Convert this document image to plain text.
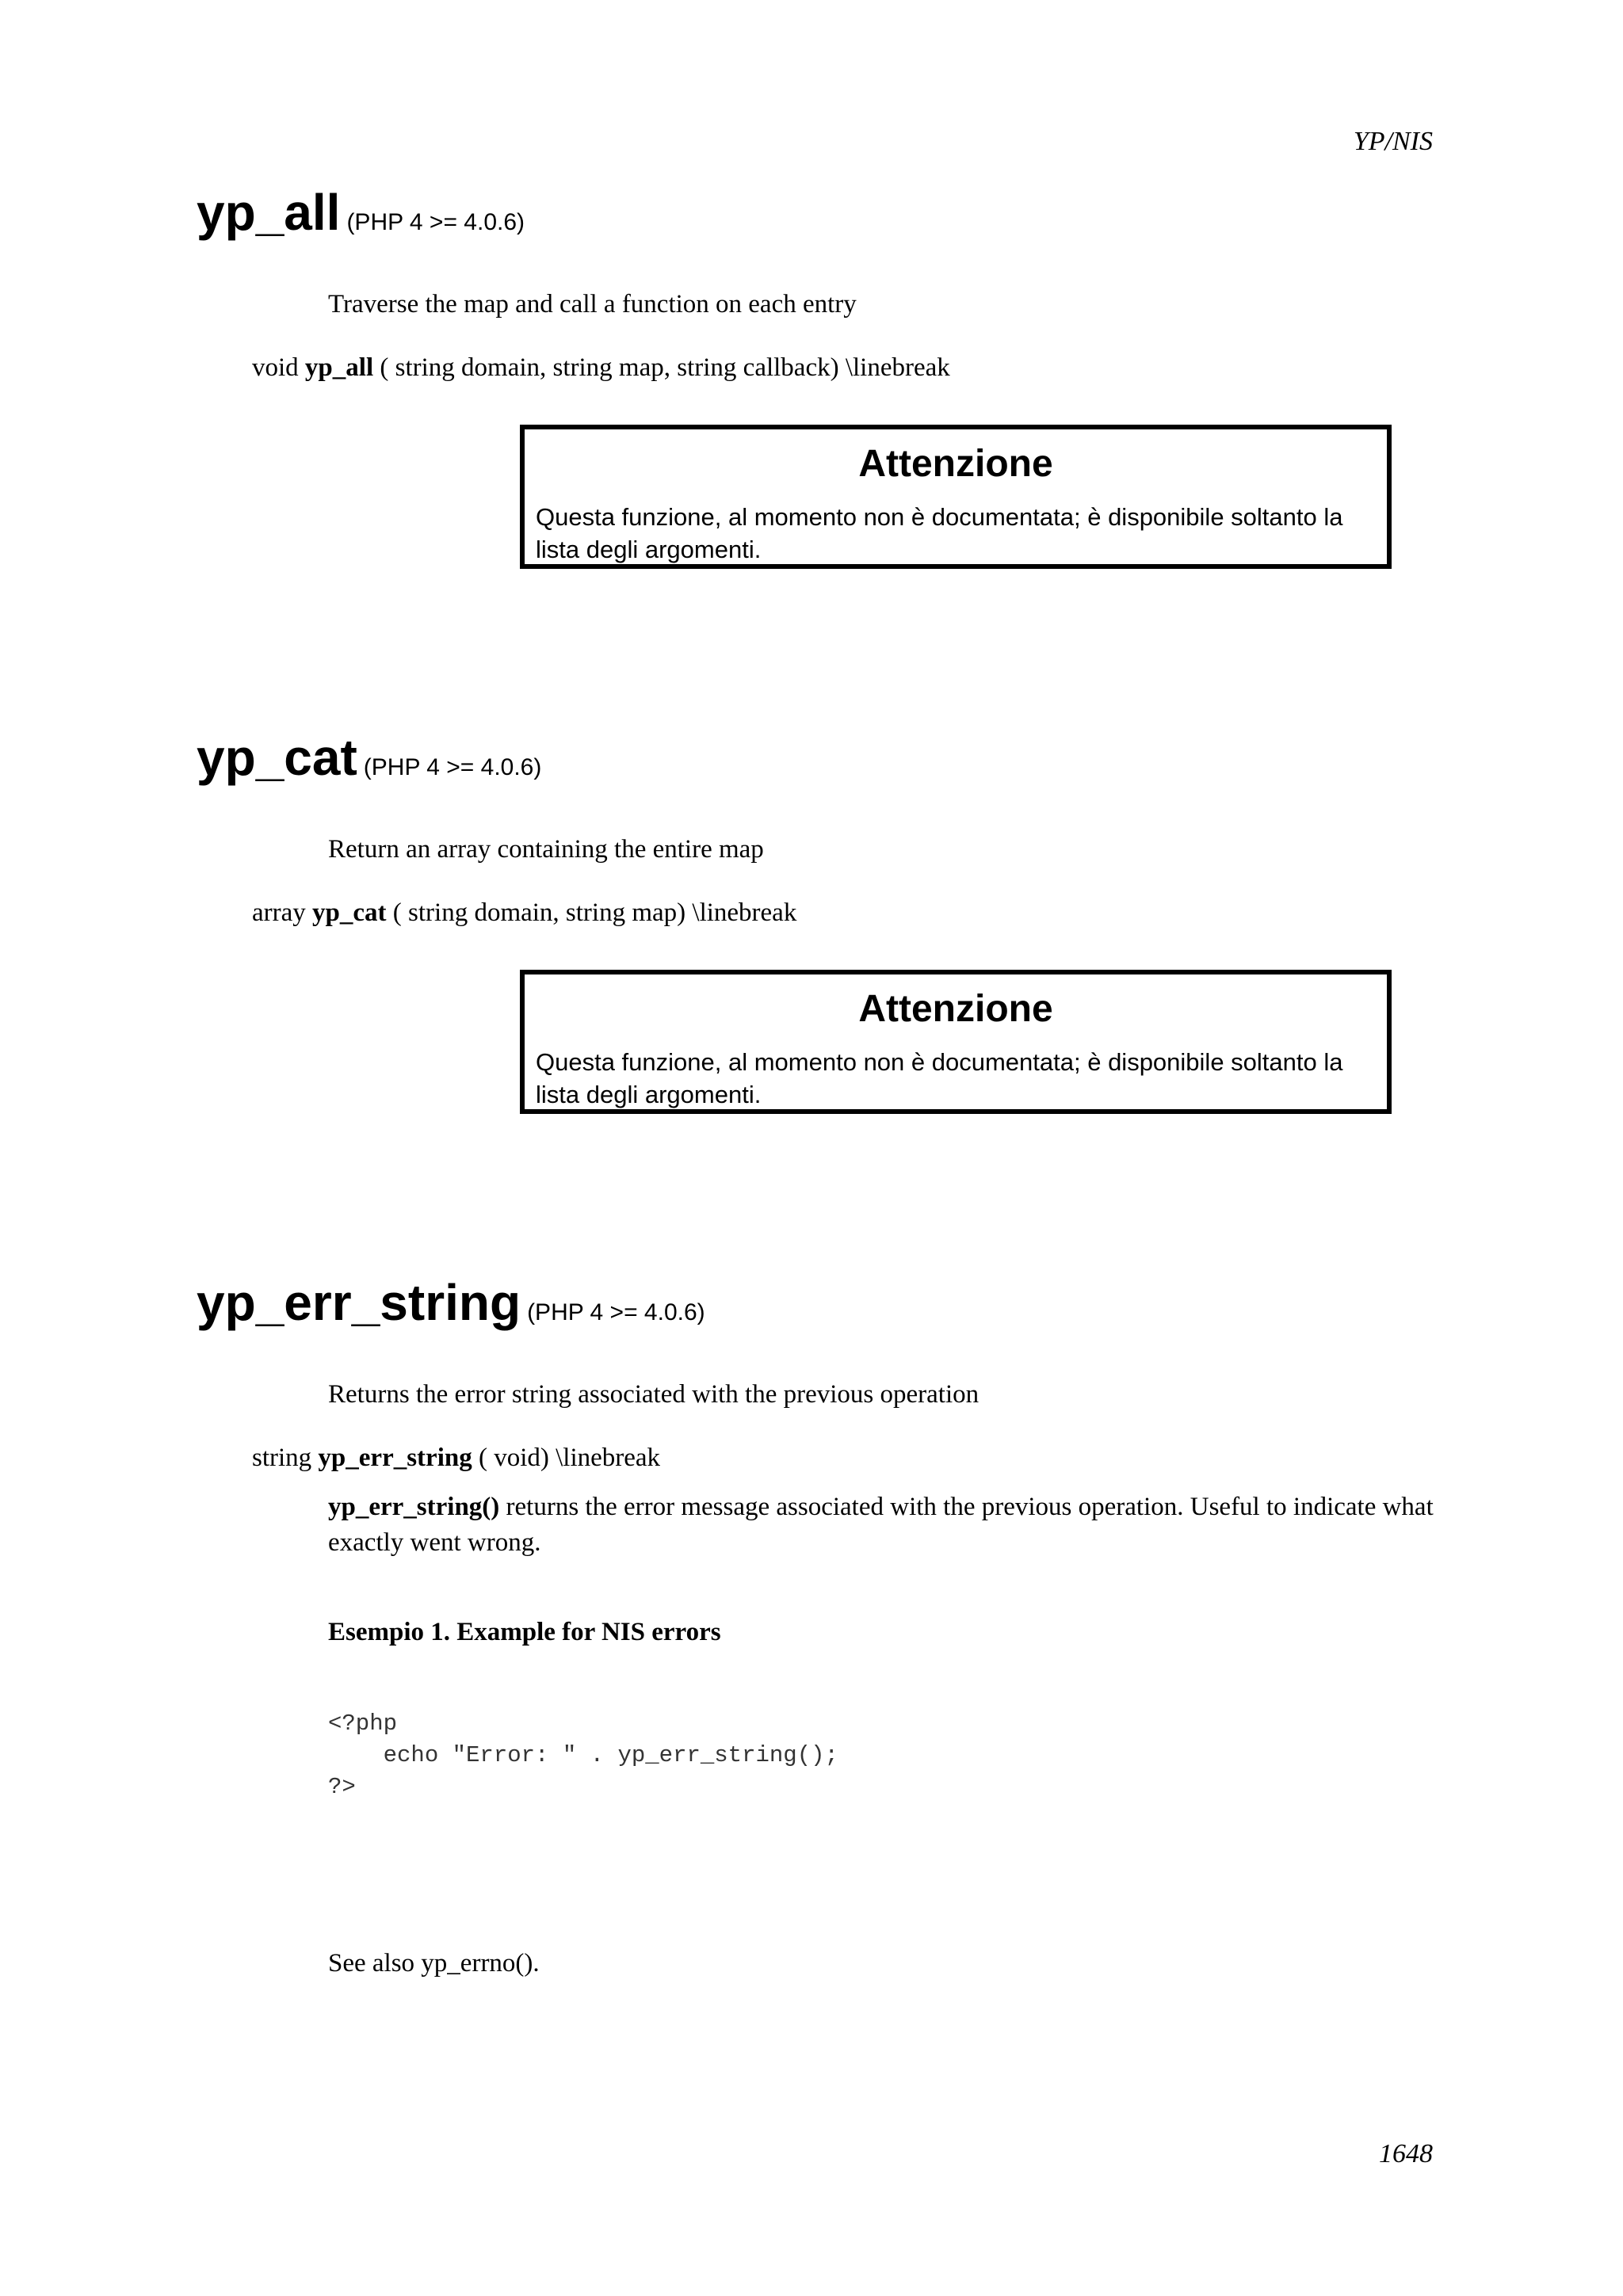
YP/NIS
1648
yp_all (PHP 4 >= 4.0.6)
Traverse the map and call a function on each entry
void yp_all ( string domain, string map, string callback) \linebreak
Attenzione
Questa funzione, al momento non è documentata; è disponibile soltanto la lista degli argomenti.
yp_cat (PHP 4 >= 4.0.6)
Return an array containing the entire map
array yp_cat ( string domain, string map) \linebreak
Attenzione
Questa funzione, al momento non è documentata; è disponibile soltanto la lista degli argomenti.
yp_err_string (PHP 4 >= 4.0.6)
Returns the error string associated with the previous operation
string yp_err_string ( void) \linebreak
yp_err_string() returns the error message associated with the previous operation. Useful to indicate what exactly went wrong.
Esempio 1. Example for NIS errors
<?php
echo "Error: " . yp_err_string();
?>
See also yp_errno().
